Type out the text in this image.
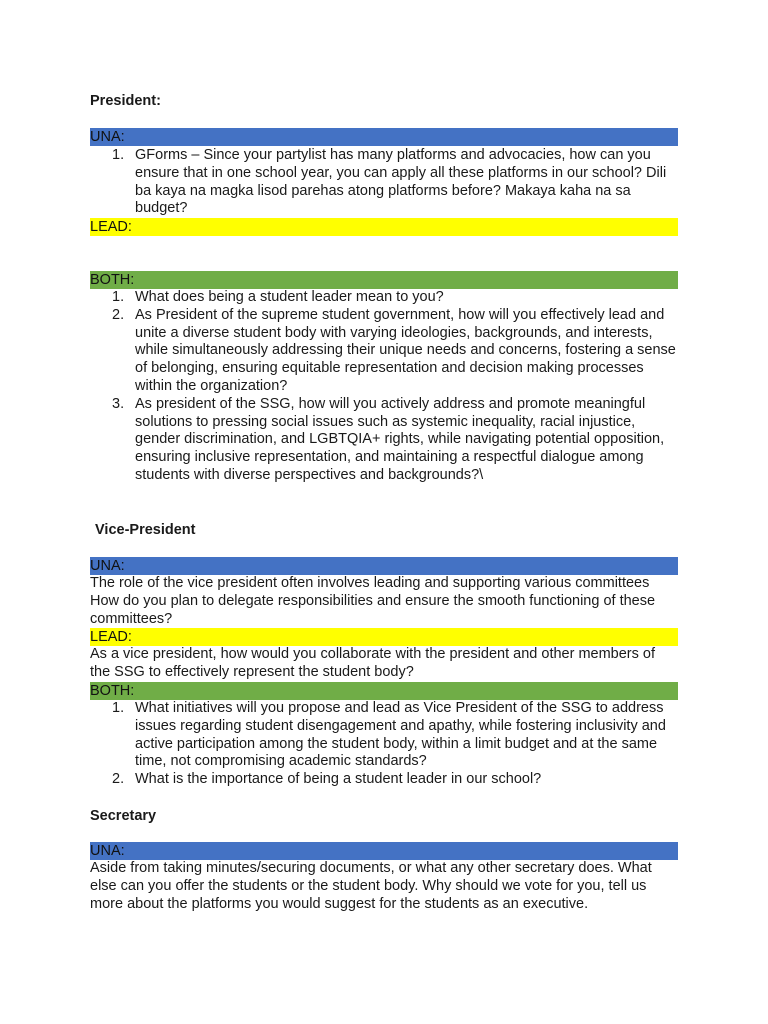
President:
UNA:
1. GForms – Since your partylist has many platforms and advocacies, how can you ensure that in one school year, you can apply all these platforms in our school? Dili ba kaya na magka lisod parehas atong platforms before? Makaya kaha na sa budget?
LEAD:
BOTH:
1. What does being a student leader mean to you?
2. As President of the supreme student government, how will you effectively lead and unite a diverse student body with varying ideologies, backgrounds, and interests, while simultaneously addressing their unique needs and concerns, fostering a sense of belonging, ensuring equitable representation and decision making processes within the organization?
3. As president of the SSG, how will you actively address and promote meaningful solutions to pressing social issues such as systemic inequality, racial injustice, gender discrimination, and LGBTQIA+ rights, while navigating potential opposition, ensuring inclusive representation, and maintaining a respectful dialogue among students with diverse perspectives and backgrounds?\
Vice-President
UNA:
The role of the vice president often involves leading and supporting various committees How do you plan to delegate responsibilities and ensure the smooth functioning of these committees?
LEAD:
As a vice president, how would you collaborate with the president and other members of the SSG to effectively represent the student body?
BOTH:
1. What initiatives will you propose and lead as Vice President of the SSG to address issues regarding student disengagement and apathy, while fostering inclusivity and active participation among the student body, within a limit budget and at the same time, not compromising academic standards?
2. What is the importance of being a student leader in our school?
Secretary
UNA:
Aside from taking minutes/securing documents, or what any other secretary does. What else can you offer the students or the student body. Why should we vote for you, tell us more about the platforms you would suggest for the students as an executive.
